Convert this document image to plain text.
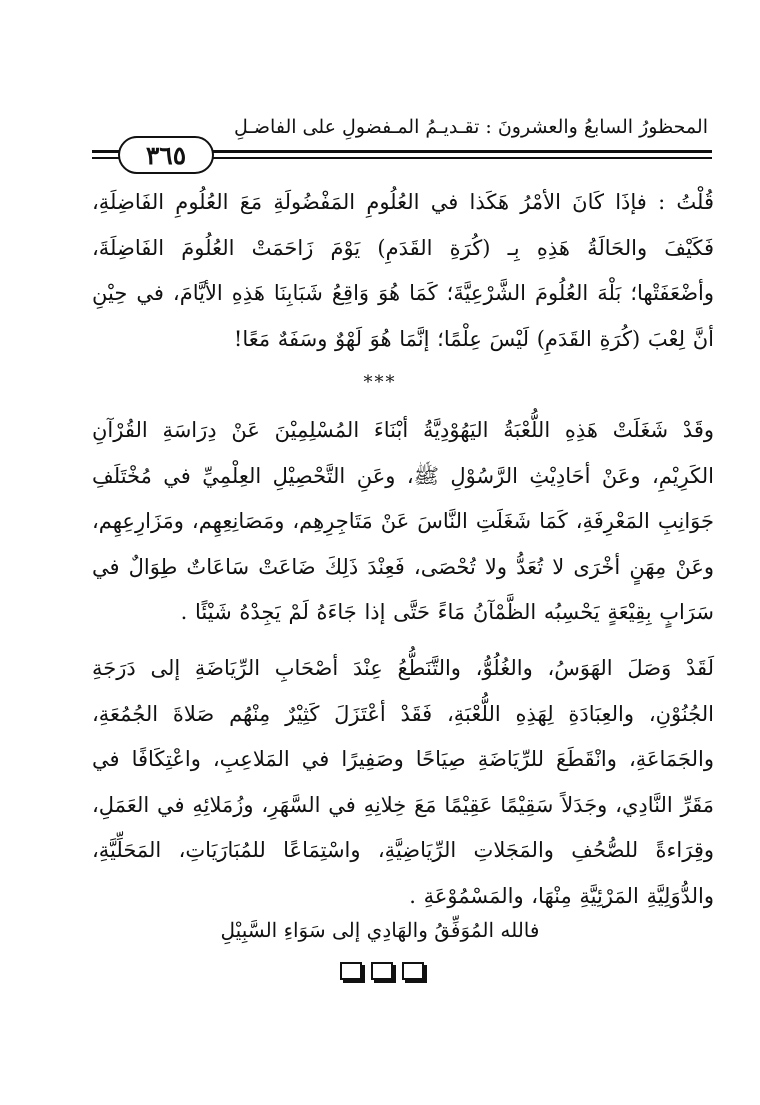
المحظورُ السابعُ والعشرونَ : تقـديـمُ المـفضولِ على الفاضـلِ
٣٦٥

قُلْتُ : فإذَا كَانَ الأمْرُ هَكَذا في العُلُومِ المَفْضُولَةِ مَعَ العُلُومِ الفَاضِلَةِ، فَكَيْفَ والحَالَةُ هَذِهِ بِـ (كُرَةِ القَدَمِ) يَوْمَ زَاحَمَتْ العُلُومَ الفَاضِلَةَ، وأضْعَفَتْها؛ بَلْهَ العُلُومَ الشَّرْعِيَّةَ؛ كَمَا هُوَ وَاقِعُ شَبَابِنَا هَذِهِ الأيَّامَ، في حِيْنِ أنَّ لِعْبَ (كُرَةِ القَدَمِ) لَيْسَ عِلْمًا؛ إنَّمَا هُوَ لَهْوٌ وسَفَهٌ مَعًا!

***

وقَدْ شَغَلَتْ هَذِهِ اللُّعْبَةُ اليَهُوْدِيَّةُ أبْنَاءَ المُسْلِمِيْنَ عَنْ دِرَاسَةِ القُرْآنِ الكَرِيْمِ، وعَنْ أحَادِيْثِ الرَّسُوْلِ ﷺ، وعَنِ التَّحْصِيْلِ العِلْمِيِّ في مُخْتَلَفِ جَوَانِبِ المَعْرِفَةِ، كَمَا شَغَلَتِ النَّاسَ عَنْ مَتَاجِرِهِم، ومَصَانِعِهِم، ومَزَارِعِهِم، وعَنْ مِهَنٍ أخْرَى لا تُعَدُّ ولا تُحْصَى، فَعِنْدَ ذَلِكَ ضَاعَتْ سَاعَاتٌ طِوَالٌ في سَرَابٍ بِقِيْعَةٍ يَحْسِبُه الظَّمْآنُ مَاءً حَتَّى إذا جَاءَهُ لَمْ يَجِدْهُ شَيْئًا .

لَقَدْ وَصَلَ الهَوَسُ، والغُلُوُّ، والتَّنَطُّعُ عِنْدَ أصْحَابِ الرِّيَاضَةِ إلى دَرَجَةِ الجُنُوْنِ، والعِبَادَةِ لِهَذِهِ اللُّعْبَةِ، فَقَدْ أعْتَزَلَ كَثِيْرٌ مِنْهُم صَلاةَ الجُمُعَةِ، والجَمَاعَةِ، وانْقَطَعَ للرِّيَاضَةِ صِيَاحًا وصَفِيرًا في المَلاعِبِ، واعْتِكَافًا في مَقَرِّ النَّادِي، وجَدَلاً سَقِيْمًا عَقِيْمًا مَعَ خِلانِهِ في السَّهَرِ، وزُمَلائِهِ في العَمَلِ، وقِرَاءةً للصُّحُفِ والمَجَلاتِ الرِّيَاضِيَّةِ، واسْتِمَاعًا للمُبَارَيَاتِ، المَحَلِّيَّةِ، والدُّوَلِيَّةِ المَرْئِيَّةِ مِنْهَا، والمَسْمُوْعَةِ .

فالله المُوَفِّقُ والهَادِي إلى سَوَاءِ السَّبِيْلِ
